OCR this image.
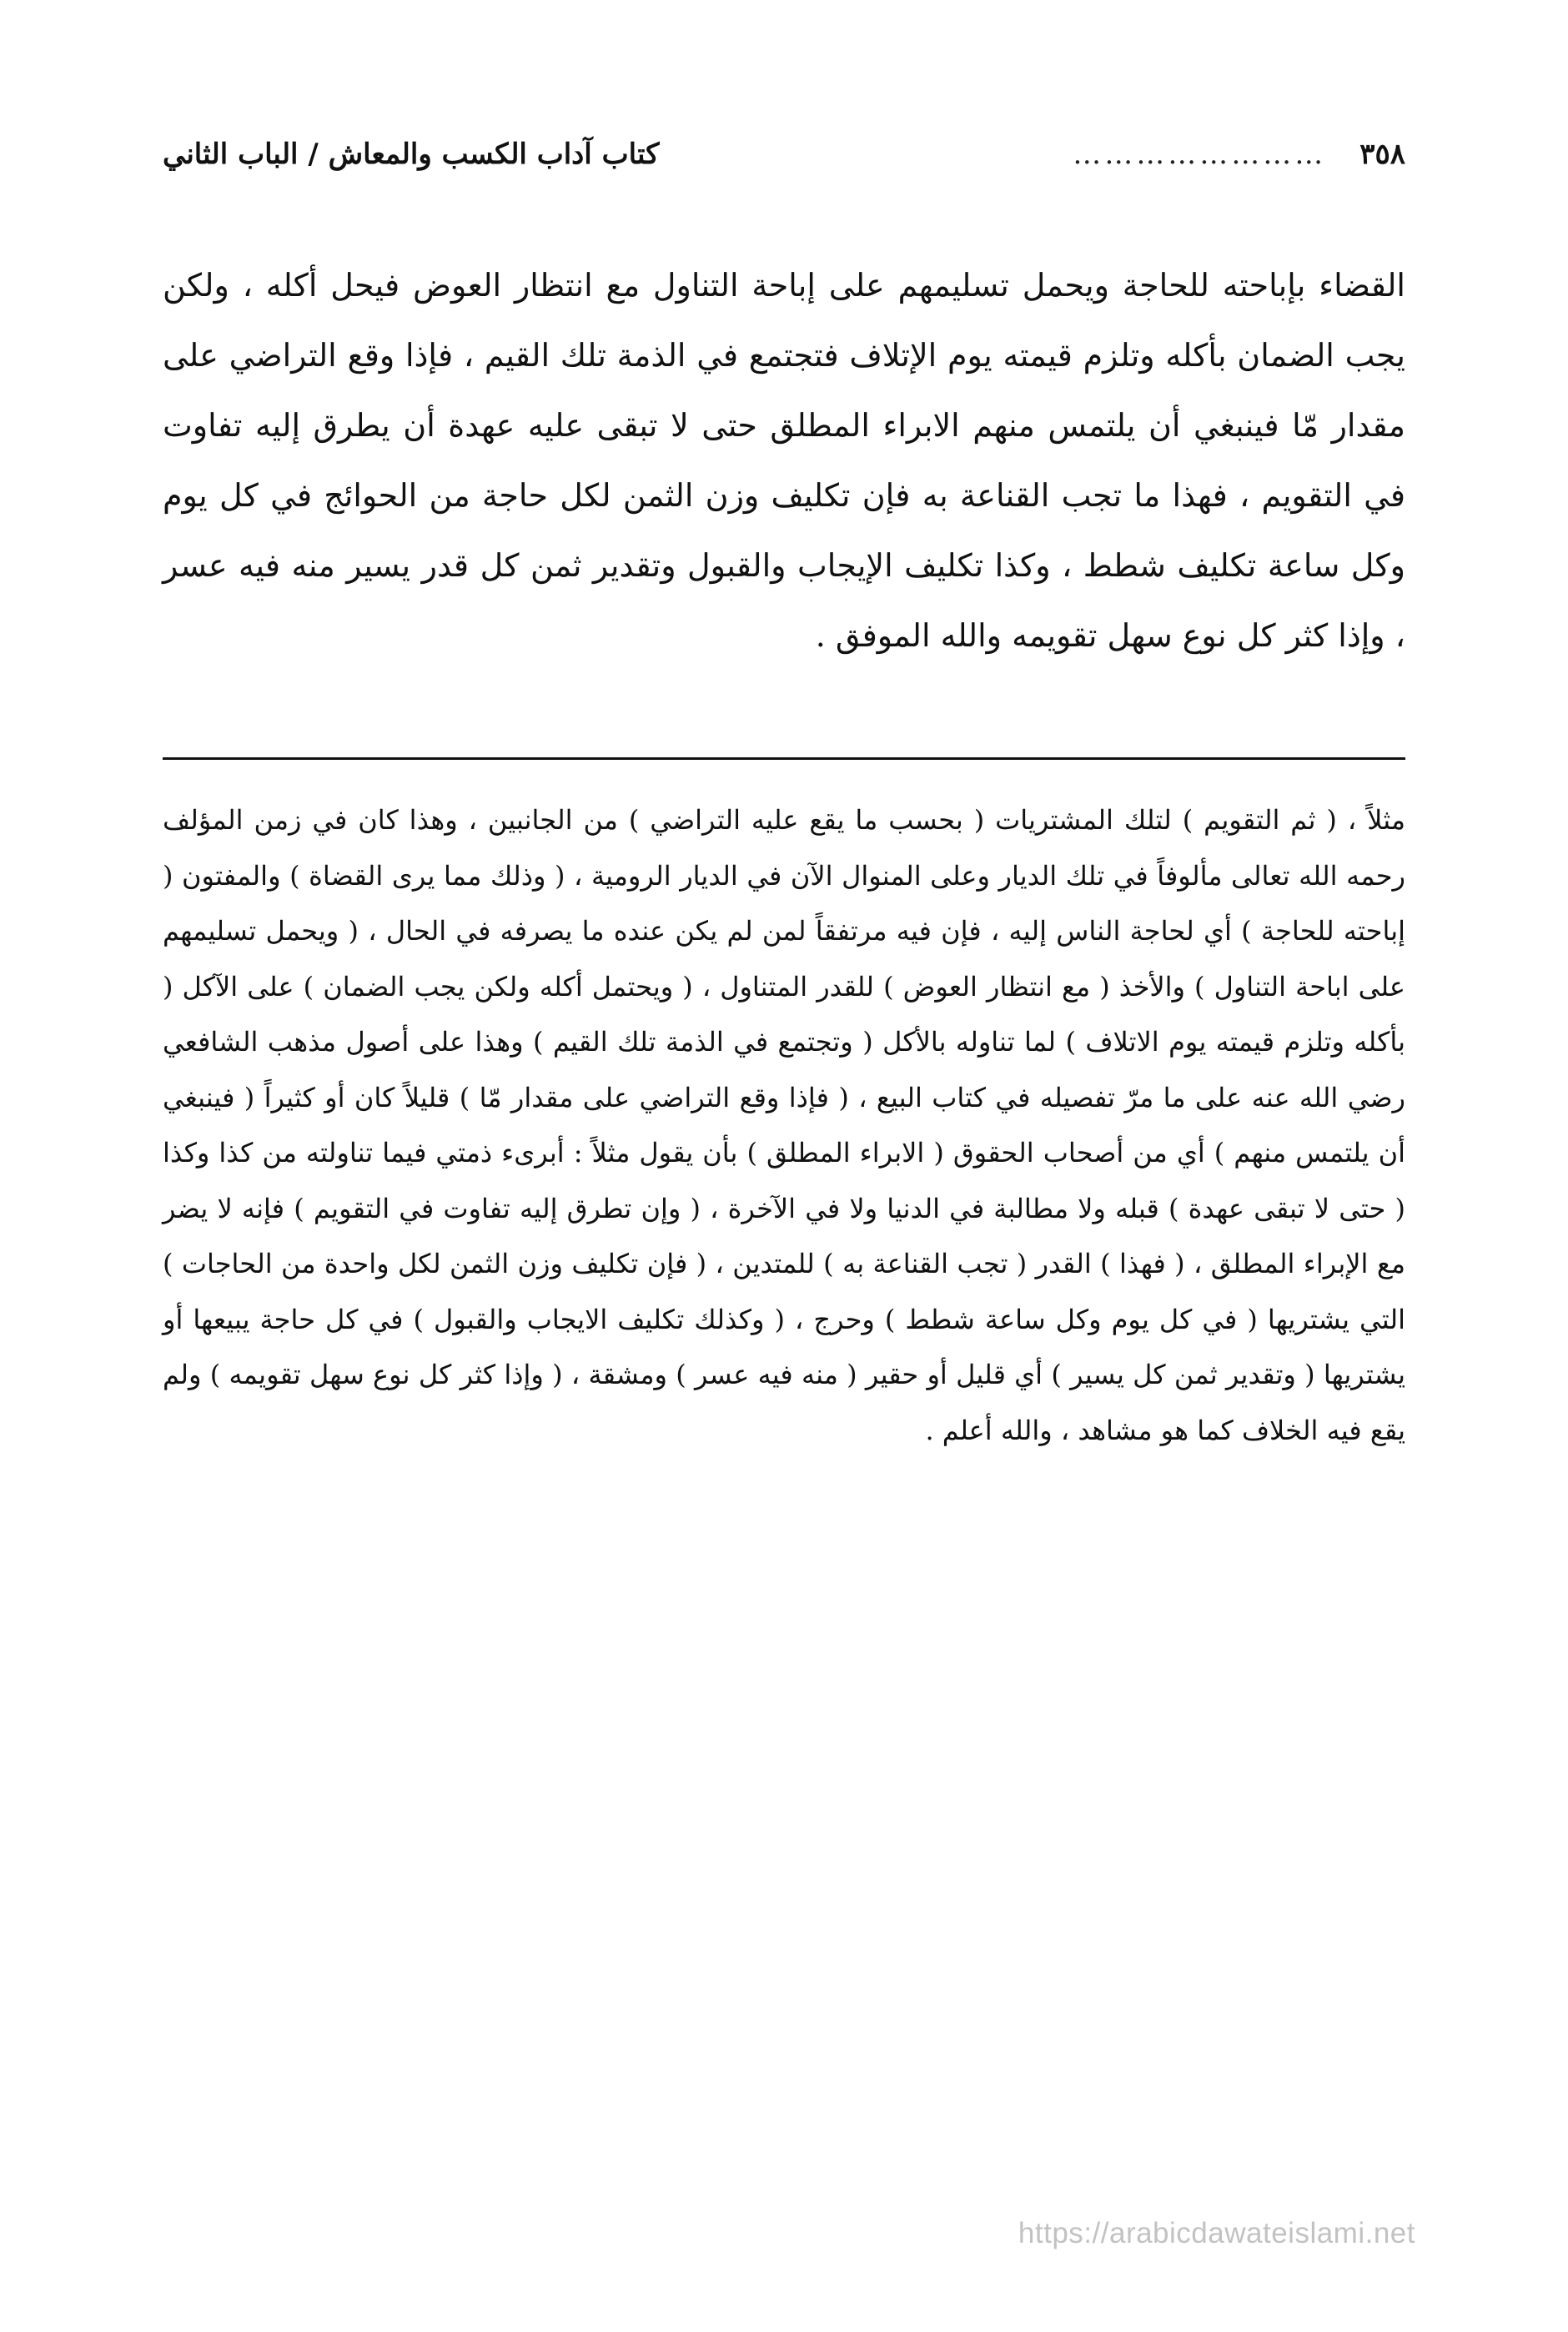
٣٥٨
……………………
كتاب آداب الكسب والمعاش / الباب الثاني

القضاء بإباحته للحاجة ويحمل تسليمهم على إباحة التناول مع انتظار العوض فيحل أكله ، ولكن يجب الضمان بأكله وتلزم قيمته يوم الإتلاف فتجتمع في الذمة تلك القيم ، فإذا وقع التراضي على مقدار مّا فينبغي أن يلتمس منهم الابراء المطلق حتى لا تبقى عليه عهدة أن يطرق إليه تفاوت في التقويم ، فهذا ما تجب القناعة به فإن تكليف وزن الثمن لكل حاجة من الحوائج في كل يوم وكل ساعة تكليف شطط ، وكذا تكليف الإيجاب والقبول وتقدير ثمن كل قدر يسير منه فيه عسر ، وإذا كثر كل نوع سهل تقويمه والله الموفق .

مثلاً ، ( ثم التقويم ) لتلك المشتريات ( بحسب ما يقع عليه التراضي ) من الجانبين ، وهذا كان في زمن المؤلف رحمه الله تعالى مألوفاً في تلك الديار وعلى المنوال الآن في الديار الرومية ، ( وذلك مما يرى القضاة ) والمفتون ( إباحته للحاجة ) أي لحاجة الناس إليه ، فإن فيه مرتفقاً لمن لم يكن عنده ما يصرفه في الحال ، ( ويحمل تسليمهم على اباحة التناول ) والأخذ ( مع انتظار العوض ) للقدر المتناول ، ( ويحتمل أكله ولكن يجب الضمان ) على الآكل ( بأكله وتلزم قيمته يوم الاتلاف ) لما تناوله بالأكل ( وتجتمع في الذمة تلك القيم ) وهذا على أصول مذهب الشافعي رضي الله عنه على ما مرّ تفصيله في كتاب البيع ، ( فإذا وقع التراضي على مقدار مّا ) قليلاً كان أو كثيراً ( فينبغي أن يلتمس منهم ) أي من أصحاب الحقوق ( الابراء المطلق ) بأن يقول مثلاً : أبرىء ذمتي فيما تناولته من كذا وكذا ( حتى لا تبقى عهدة ) قبله ولا مطالبة في الدنيا ولا في الآخرة ، ( وإن تطرق إليه تفاوت في التقويم ) فإنه لا يضر مع الإبراء المطلق ، ( فهذا ) القدر ( تجب القناعة به ) للمتدين ، ( فإن تكليف وزن الثمن لكل واحدة من الحاجات ) التي يشتريها ( في كل يوم وكل ساعة شطط ) وحرج ، ( وكذلك تكليف الايجاب والقبول ) في كل حاجة يبيعها أو يشتريها ( وتقدير ثمن كل يسير ) أي قليل أو حقير ( منه فيه عسر ) ومشقة ، ( وإذا كثر كل نوع سهل تقويمه ) ولم يقع فيه الخلاف كما هو مشاهد ، والله أعلم .

https://arabicdawateislami.net
